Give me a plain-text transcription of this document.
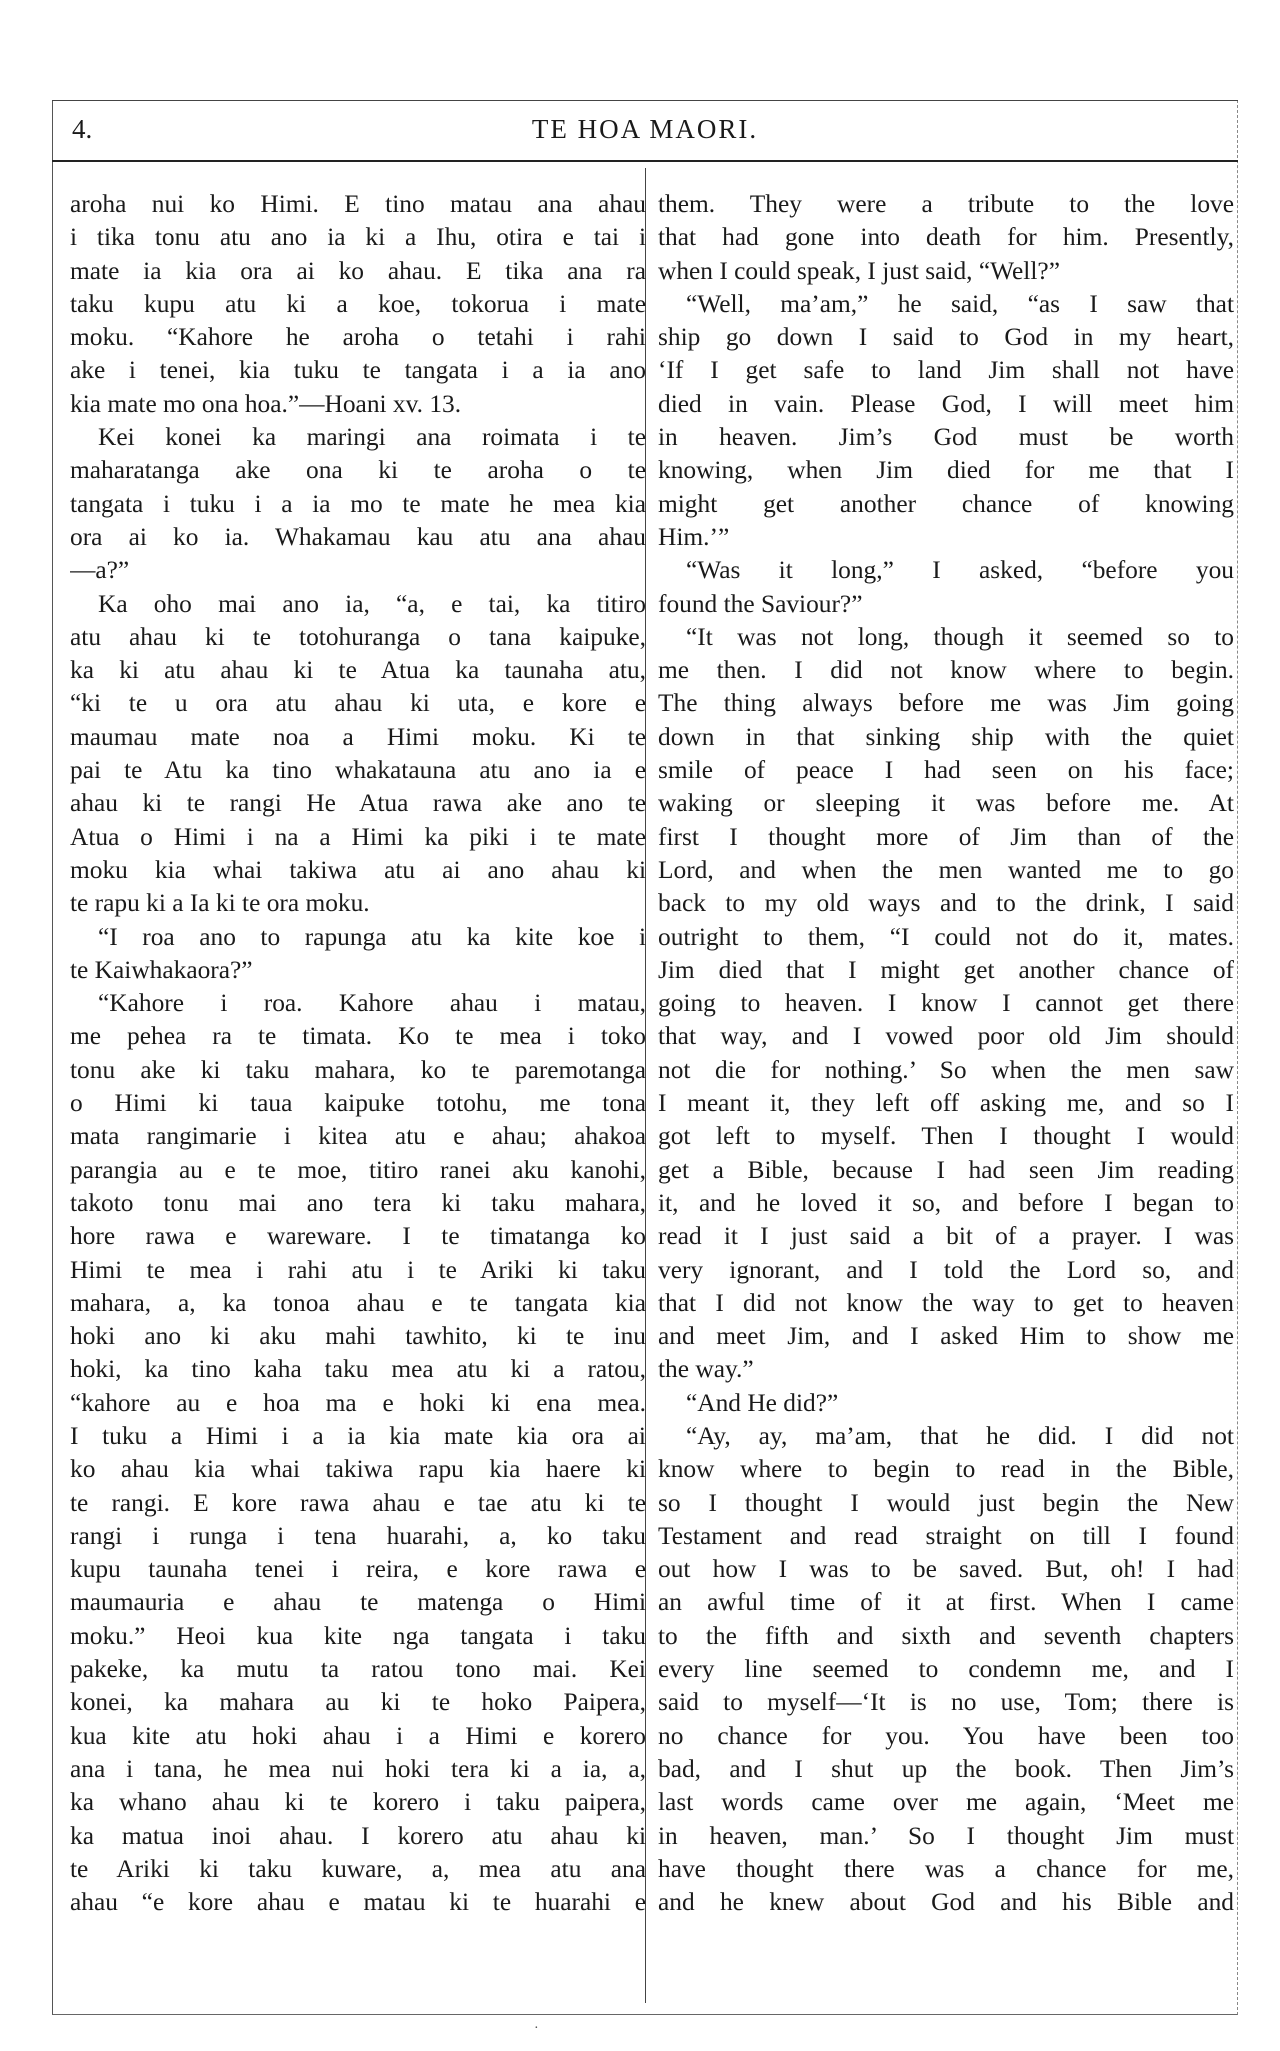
4.	TE HOA MAORI.
aroha nui ko Himi. E tino matau ana ahau
i tika tonu atu ano ia ki a Ihu, otira e tai i
mate ia kia ora ai ko ahau. E tika ana ra
taku kupu atu ki a koe, tokorua i mate
moku. “Kahore he aroha o tetahi i rahi
ake i tenei, kia tuku te tangata i a ia ano
kia mate mo ona hoa.”—Hoani xv. 13.
Kei konei ka maringi ana roimata i te
maharatanga ake ona ki te aroha o te
tangata i tuku i a ia mo te mate he mea kia
ora ai ko ia. Whakamau kau atu ana ahau
—a?”
Ka oho mai ano ia, “a, e tai, ka titiro
atu ahau ki te totohuranga o tana kaipuke,
ka ki atu ahau ki te Atua ka taunaha atu,
“ki te u ora atu ahau ki uta, e kore e
maumau mate noa a Himi moku. Ki te
pai te Atu ka tino whakatauna atu ano ia e
ahau ki te rangi He Atua rawa ake ano te
Atua o Himi i na a Himi ka piki i te mate
moku kia whai takiwa atu ai ano ahau ki
te rapu ki a Ia ki te ora moku.
“I roa ano to rapunga atu ka kite koe i
te Kaiwhakaora?”
“Kahore i roa. Kahore ahau i matau,
me pehea ra te timata. Ko te mea i toko
tonu ake ki taku mahara, ko te paremotanga
o Himi ki taua kaipuke totohu, me tona
mata rangimarie i kitea atu e ahau; ahakoa
parangia au e te moe, titiro ranei aku kanohi,
takoto tonu mai ano tera ki taku mahara,
hore rawa e wareware. I te timatanga ko
Himi te mea i rahi atu i te Ariki ki taku
mahara, a, ka tonoa ahau e te tangata kia
hoki ano ki aku mahi tawhito, ki te inu
hoki, ka tino kaha taku mea atu ki a ratou,
“kahore au e hoa ma e hoki ki ena mea.
I tuku a Himi i a ia kia mate kia ora ai
ko ahau kia whai takiwa rapu kia haere ki
te rangi. E kore rawa ahau e tae atu ki te
rangi i runga i tena huarahi, a, ko taku
kupu taunaha tenei i reira, e kore rawa e
maumauria e ahau te matenga o Himi
moku.” Heoi kua kite nga tangata i taku
pakeke, ka mutu ta ratou tono mai. Kei
konei, ka mahara au ki te hoko Paipera,
kua kite atu hoki ahau i a Himi e korero
ana i tana, he mea nui hoki tera ki a ia, a,
ka whano ahau ki te korero i taku paipera,
ka matua inoi ahau. I korero atu ahau ki
te Ariki ki taku kuware, a, mea atu ana
ahau “e kore ahau e matau ki te huarahi e
them. They were a tribute to the love
that had gone into death for him. Presently,
when I could speak, I just said, “Well?”
“Well, ma’am,” he said, “as I saw that
ship go down I said to God in my heart,
‘If I get safe to land Jim shall not have
died in vain. Please God, I will meet him
in heaven. Jim’s God must be worth
knowing, when Jim died for me that I
might get another chance of knowing
Him.’”
“Was it long,” I asked, “before you
found the Saviour?”
“It was not long, though it seemed so to
me then. I did not know where to begin.
The thing always before me was Jim going
down in that sinking ship with the quiet
smile of peace I had seen on his face;
waking or sleeping it was before me. At
first I thought more of Jim than of the
Lord, and when the men wanted me to go
back to my old ways and to the drink, I said
outright to them, “I could not do it, mates.
Jim died that I might get another chance of
going to heaven. I know I cannot get there
that way, and I vowed poor old Jim should
not die for nothing.’ So when the men saw
I meant it, they left off asking me, and so I
got left to myself. Then I thought I would
get a Bible, because I had seen Jim reading
it, and he loved it so, and before I began to
read it I just said a bit of a prayer. I was
very ignorant, and I told the Lord so, and
that I did not know the way to get to heaven
and meet Jim, and I asked Him to show me
the way.”
“And He did?”
“Ay, ay, ma’am, that he did. I did not
know where to begin to read in the Bible,
so I thought I would just begin the New
Testament and read straight on till I found
out how I was to be saved. But, oh! I had
an awful time of it at first. When I came
to the fifth and sixth and seventh chapters
every line seemed to condemn me, and I
said to myself—‘It is no use, Tom; there is
no chance for you. You have been too
bad, and I shut up the book. Then Jim’s
last words came over me again, ‘Meet me
in heaven, man.’ So I thought Jim must
have thought there was a chance for me,
and he knew about God and his Bible and
·
